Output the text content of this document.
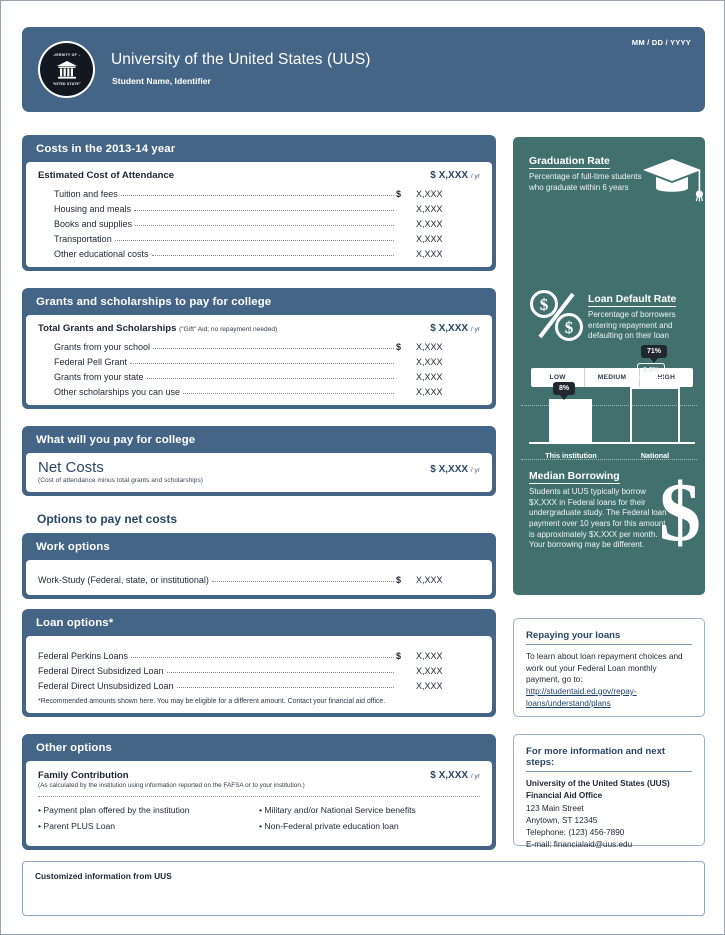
UNIVERSITY OF THE
UNITED STATES
University of the United States (UUS)
Student Name, Identifier
MM / DD / YYYY
Costs in the 2013-14 year
Estimated Cost of Attendance	$ X,XXX / yr
Tuition and fees	$	X,XXX
Housing and meals	X,XXX
Books and supplies	X,XXX
Transportation	X,XXX
Other educational costs	X,XXX
Grants and scholarships to pay for college
Total Grants and Scholarships ("Gift" Aid; no repayment needed)	$ X,XXX / yr
Grants from your school	$	X,XXX
Federal Pell Grant	X,XXX
Grants from your state	X,XXX
Other scholarships you can use	X,XXX
What will you pay for college
Net Costs
(Cost of attendance minus total grants and scholarships)
$ X,XXX / yr
Options to pay net costs
Work options
Work-Study (Federal, state, or institutional)	$	X,XXX
Loan options*
Federal Perkins Loans	$	X,XXX
Federal Direct Subsidized Loan	X,XXX
Federal Direct Unsubsidized Loan	X,XXX
*Recommended amounts shown here. You may be eligible for a different amount. Contact your financial aid office.
Other options
Family Contribution
(As calculated by the institution using information reported on the FAFSA or to your institution.)
$ X,XXX / yr
• Payment plan offered by the institution
• Parent PLUS Loan
• Military and/or National Service benefits
• Non-Federal private education loan
Graduation Rate
Percentage of full-time students who graduate within 6 years
71%
LOW	MEDIUM	HIGH
$
$
Loan Default Rate
Percentage of borrowers entering repayment and defaulting on their loan
8%
This institution
9.8%
National
Median Borrowing
Students at UUS typically borrow $X,XXX in Federal loans for their undergraduate study. The Federal loan payment over 10 years for this amount is approximately $X,XXX per month. Your borrowing may be different. $
Repaying your loans
To learn about loan repayment choices and work out your Federal Loan monthly payment, go to: http://studentaid.ed.gov/repay-loans/understand/plans
For more information and next steps:
University of the United States (UUS)
Financial Aid Office
123 Main Street
Anytown, ST 12345
Telephone: (123) 456-7890
E-mail: financialaid@uus.edu
Customized information from UUS
